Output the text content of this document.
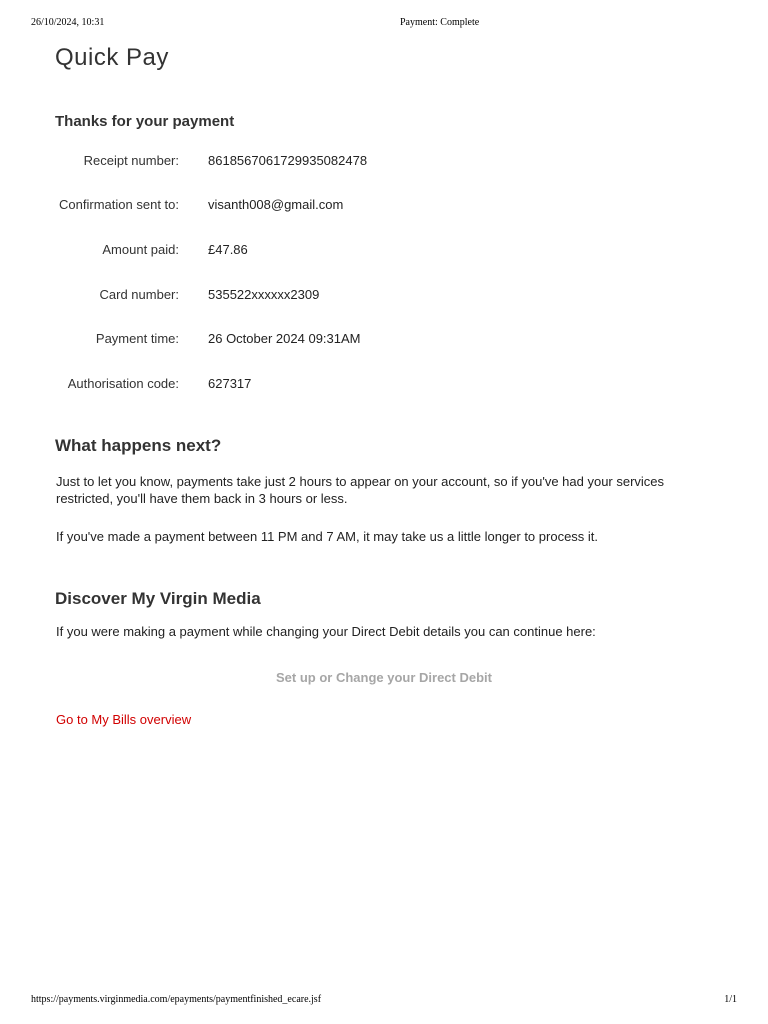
26/10/2024, 10:31	Payment: Complete
Quick Pay
Thanks for your payment
Receipt number: 8618567061729935082478
Confirmation sent to: visanth008@gmail.com
Amount paid: £47.86
Card number: 535522xxxxxx2309
Payment time: 26 October 2024 09:31AM
Authorisation code: 627317
What happens next?

Just to let you know, payments take just 2 hours to appear on your account, so if you've had your services restricted, you'll have them back in 3 hours or less.

If you've made a payment between 11 PM and 7 AM, it may take us a little longer to process it.

Discover My Virgin Media

If you were making a payment while changing your Direct Debit details you can continue here:

Set up or Change your Direct Debit
Go to My Bills overview
https://payments.virginmedia.com/epayments/paymentfinished_ecare.jsf	1/1
